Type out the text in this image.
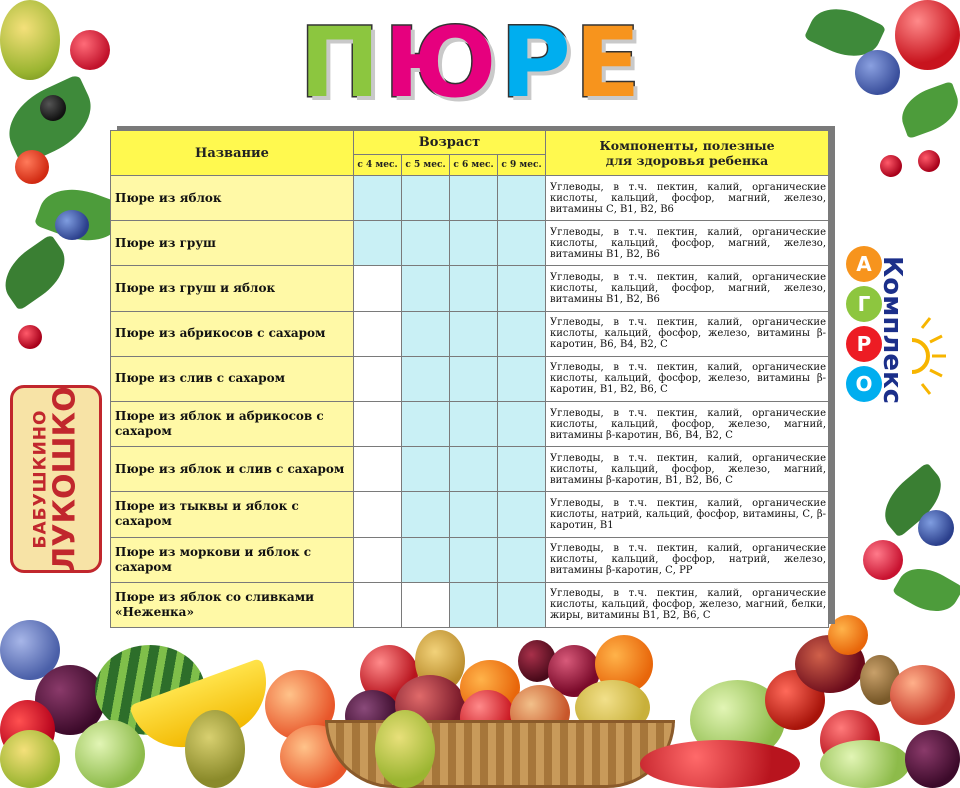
П Ю Р Е
БАБУШКИНО
ЛУКОШКО
А
Г
Р
О Комплекс
Название	Возраст				Компоненты, полезные
для здоровья ребенка
	с 4 мес.	с 5 мес.	с 6 мес.	с 9 мес.	
Пюре из яблок					Углеводы, в т.ч. пектин, калий, органические кислоты, кальций, фосфор, магний, железо, витамины С, В1, В2, В6
Пюре из груш					Углеводы, в т.ч. пектин, калий, органические кислоты, кальций, фосфор, магний, железо, витамины В1, В2, В6
Пюре из груш и яблок					Углеводы, в т.ч. пектин, калий, органические кислоты, кальций, фосфор, магний, железо, витамины В1, В2, В6
Пюре из абрикосов с сахаром					Углеводы, в т.ч. пектин, калий, органические кислоты, кальций, фосфор, железо, витамины β-каротин, В6, В4, В2, С
Пюре из слив с сахаром					Углеводы, в т.ч. пектин, калий, органические кислоты, кальций, фосфор, железо, витамины β-каротин, В1, В2, В6, С
Пюре из яблок и абрикосов с сахаром					Углеводы, в т.ч. пектин, калий, органические кислоты, кальций, фосфор, железо, магний, витамины β-каротин, В6, В4, В2, С
Пюре из яблок и слив с сахаром					Углеводы, в т.ч. пектин, калий, органические кислоты, кальций, фосфор, железо, магний, витамины β-каротин, В1, В2, В6, С
Пюре из тыквы и яблок с сахаром					Углеводы, в т.ч. пектин, калий, органические кислоты, натрий, кальций, фосфор, витамины, С, β-каротин, В1
Пюре из моркови и яблок с сахаром					Углеводы, в т.ч. пектин, калий, органические кислоты, кальций, фосфор, натрий, железо, витамины β-каротин, С, РР
Пюре из яблок со сливками «Неженка»					Углеводы, в т.ч. пектин, калий, органические кислоты, кальций, фосфор, железо, магний, белки, жиры, витамины В1, В2, В6, С
